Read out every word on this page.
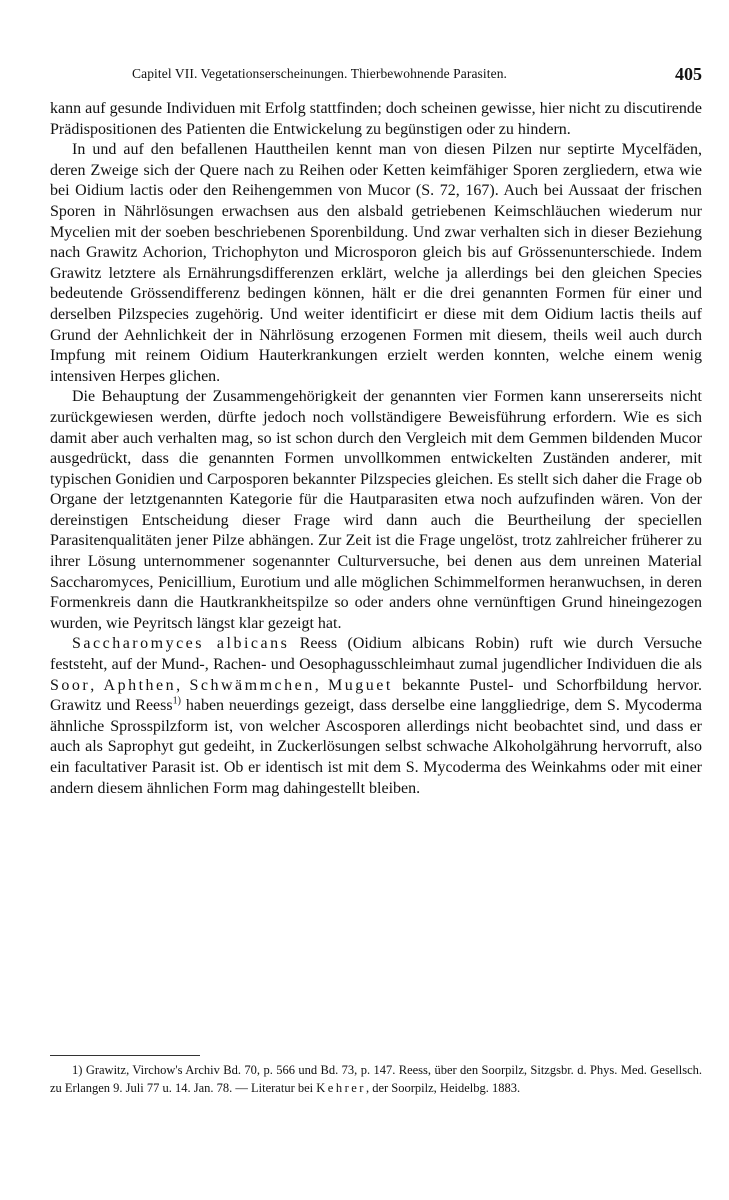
Capitel VII. Vegetationserscheinungen. Thierbewohnende Parasiten.	405

kann auf gesunde Individuen mit Erfolg stattfinden; doch scheinen gewisse, hier nicht zu discutirende Prädispositionen des Patienten die Entwickelung zu begünstigen oder zu hindern.

In und auf den befallenen Hauttheilen kennt man von diesen Pilzen nur septirte Mycelfäden, deren Zweige sich der Quere nach zu Reihen oder Ketten keimfähiger Sporen zergliedern, etwa wie bei Oidium lactis oder den Reihengemmen von Mucor (S. 72, 167). Auch bei Aussaat der frischen Sporen in Nährlösungen erwachsen aus den alsbald getriebenen Keimschläuchen wiederum nur Mycelien mit der soeben beschriebenen Sporenbildung. Und zwar verhalten sich in dieser Beziehung nach Grawitz Achorion, Trichophyton und Microsporon gleich bis auf Grössenunterschiede. Indem Grawitz letztere als Ernährungsdifferenzen erklärt, welche ja allerdings bei den gleichen Species bedeutende Grössendifferenz bedingen können, hält er die drei genannten Formen für einer und derselben Pilzspecies zugehörig. Und weiter identificirt er diese mit dem Oidium lactis theils auf Grund der Aehnlichkeit der in Nährlösung erzogenen Formen mit diesem, theils weil auch durch Impfung mit reinem Oidium Hauterkrankungen erzielt werden konnten, welche einem wenig intensiven Herpes glichen.

Die Behauptung der Zusammengehörigkeit der genannten vier Formen kann unsererseits nicht zurückgewiesen werden, dürfte jedoch noch vollständigere Beweisführung erfordern. Wie es sich damit aber auch verhalten mag, so ist schon durch den Vergleich mit dem Gemmen bildenden Mucor ausgedrückt, dass die genannten Formen unvollkommen entwickelten Zuständen anderer, mit typischen Gonidien und Carposporen bekannter Pilzspecies gleichen. Es stellt sich daher die Frage ob Organe der letztgenannten Kategorie für die Hautparasiten etwa noch aufzufinden wären. Von der dereinstigen Entscheidung dieser Frage wird dann auch die Beurtheilung der speciellen Parasitenqualitäten jener Pilze abhängen. Zur Zeit ist die Frage ungelöst, trotz zahlreicher früherer zu ihrer Lösung unternommener sogenannter Culturversuche, bei denen aus dem unreinen Material Saccharomyces, Penicillium, Eurotium und alle möglichen Schimmelformen heranwuchsen, in deren Formenkreis dann die Hautkrankheitspilze so oder anders ohne vernünftigen Grund hineingezogen wurden, wie Peyritsch längst klar gezeigt hat.

Saccharomyces albicans Reess (Oidium albicans Robin) ruft wie durch Versuche feststeht, auf der Mund-, Rachen- und Oesophagusschleimhaut zumal jugendlicher Individuen die als Soor, Aphthen, Schwämmchen, Muguet bekannte Pustel- und Schorfbildung hervor. Grawitz und Reess$^{1)}$ haben neuerdings gezeigt, dass derselbe eine langgliedrige, dem S. Mycoderma ähnliche Sprosspilzform ist, von welcher Ascosporen allerdings nicht beobachtet sind, und dass er auch als Saprophyt gut gedeiht, in Zuckerlösungen selbst schwache Alkoholgährung hervorruft, also ein facultativer Parasit ist. Ob er identisch ist mit dem S. Mycoderma des Weinkahms oder mit einer andern diesem ähnlichen Form mag dahingestellt bleiben.

1) Grawitz, Virchow's Archiv Bd. 70, p. 566 und Bd. 73, p. 147. Reess, über den Soorpilz, Sitzgsbr. d. Phys. Med. Gesellsch. zu Erlangen 9. Juli 77 u. 14. Jan. 78. — Literatur bei Kehrer, der Soorpilz, Heidelbg. 1883.
